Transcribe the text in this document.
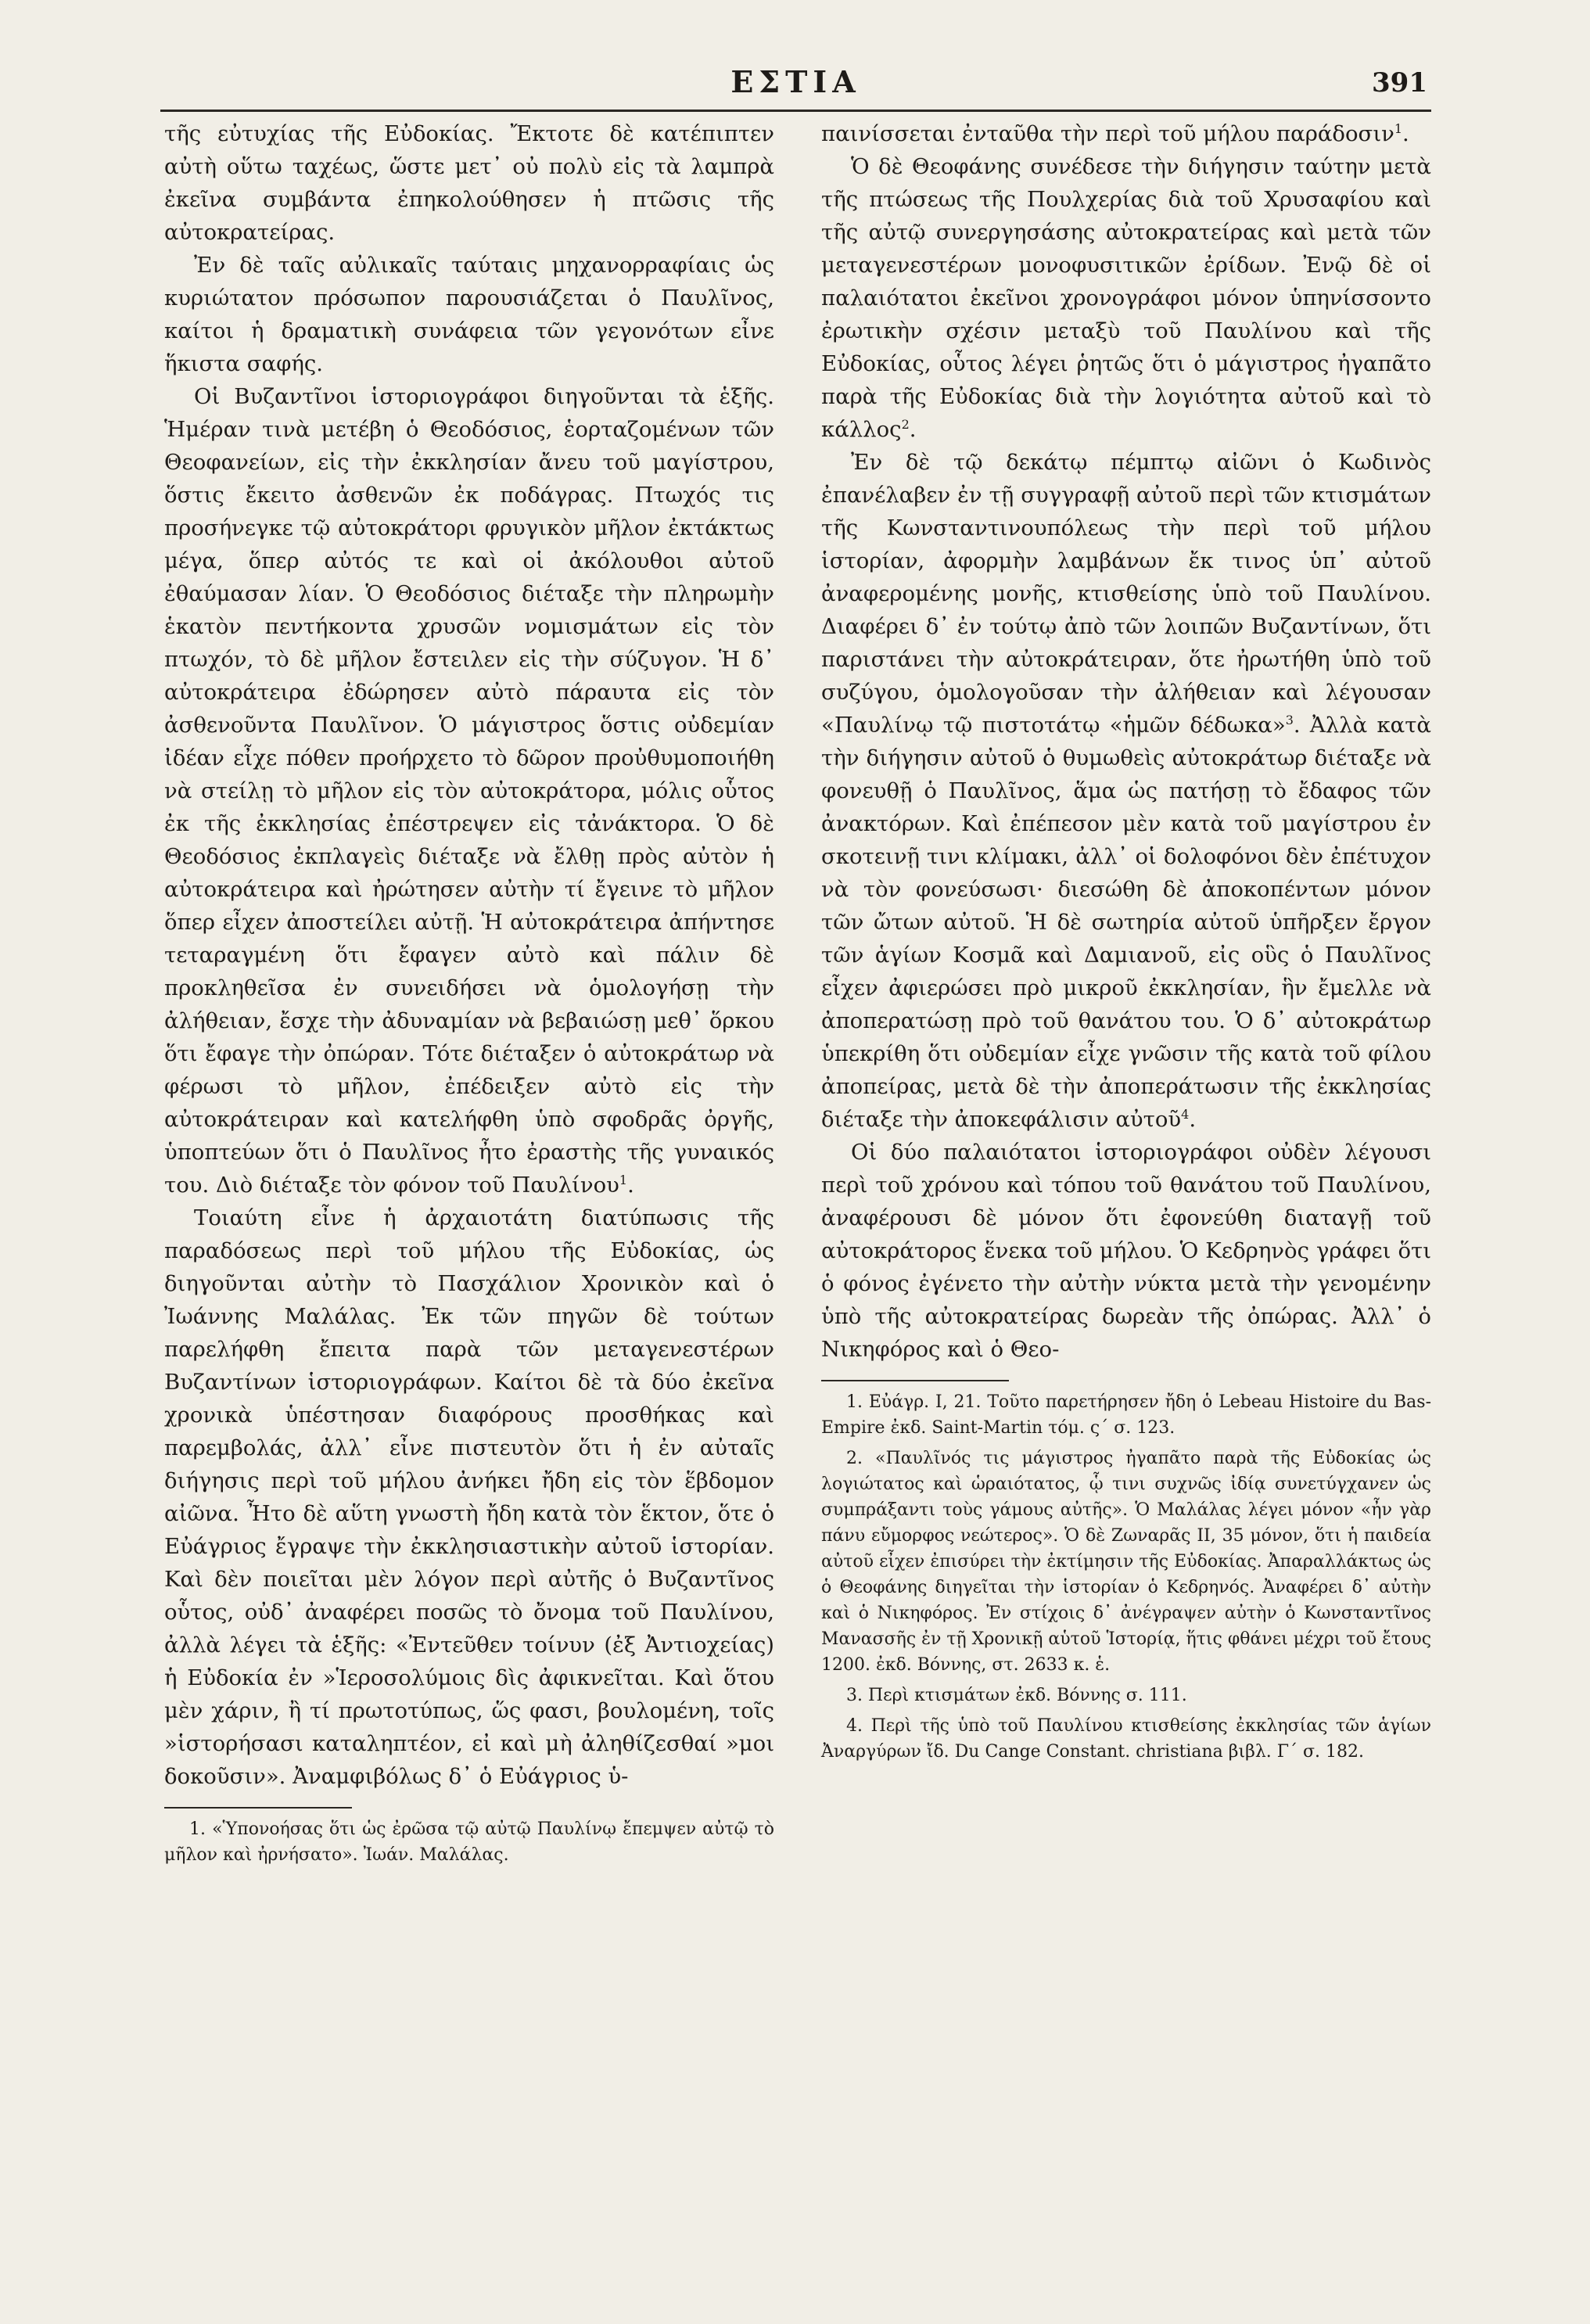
ΕΣΤΙΑ	391

τῆς εὐτυχίας τῆς Εὐδοκίας. Ἔκτοτε δὲ κατέπιπτεν αὐτὴ οὕτω ταχέως, ὥστε μετ᾽ οὐ πολὺ εἰς τὰ λαμπρὰ ἐκεῖνα συμβάντα ἐπηκολούθησεν ἡ πτῶσις τῆς αὐτοκρατείρας.

Ἐν δὲ ταῖς αὐλικαῖς ταύταις μηχανορραφίαις ὡς κυριώτατον πρόσωπον παρουσιάζεται ὁ Παυλῖνος, καίτοι ἡ δραματικὴ συνάφεια τῶν γεγονότων εἶνε ἥκιστα σαφής.

Οἱ Βυζαντῖνοι ἱστοριογράφοι διηγοῦνται τὰ ἑξῆς. Ἡμέραν τινὰ μετέβη ὁ Θεοδόσιος, ἑορταζομένων τῶν Θεοφανείων, εἰς τὴν ἐκκλησίαν ἄνευ τοῦ μαγίστρου, ὅστις ἔκειτο ἀσθενῶν ἐκ ποδάγρας. Πτωχός τις προσήνεγκε τῷ αὐτοκράτορι φρυγικὸν μῆλον ἐκτάκτως μέγα, ὅπερ αὐτός τε καὶ οἱ ἀκόλουθοι αὐτοῦ ἐθαύμασαν λίαν. Ὁ Θεοδόσιος διέταξε τὴν πληρωμὴν ἑκατὸν πεντήκοντα χρυσῶν νομισμάτων εἰς τὸν πτωχόν, τὸ δὲ μῆλον ἔστειλεν εἰς τὴν σύζυγον. Ἡ δ᾽ αὐτοκράτειρα ἐδώρησεν αὐτὸ πάραυτα εἰς τὸν ἀσθενοῦντα Παυλῖνον. Ὁ μάγιστρος ὅστις οὐδεμίαν ἰδέαν εἶχε πόθεν προήρχετο τὸ δῶρον προὐθυμοποιήθη νὰ στείλῃ τὸ μῆλον εἰς τὸν αὐτοκράτορα, μόλις οὗτος ἐκ τῆς ἐκκλησίας ἐπέστρεψεν εἰς τἀνάκτορα. Ὁ δὲ Θεοδόσιος ἐκπλαγεὶς διέταξε νὰ ἔλθῃ πρὸς αὐτὸν ἡ αὐτοκράτειρα καὶ ἠρώτησεν αὐτὴν τί ἔγεινε τὸ μῆλον ὅπερ εἶχεν ἀποστείλει αὐτῇ. Ἡ αὐτοκράτειρα ἀπήντησε τεταραγμένη ὅτι ἔφαγεν αὐτὸ καὶ πάλιν δὲ προκληθεῖσα ἐν συνειδήσει νὰ ὁμολογήσῃ τὴν ἀλήθειαν, ἔσχε τὴν ἀδυναμίαν νὰ βεβαιώσῃ μεθ᾽ ὅρκου ὅτι ἔφαγε τὴν ὀπώραν. Τότε διέταξεν ὁ αὐτοκράτωρ νὰ φέρωσι τὸ μῆλον, ἐπέδειξεν αὐτὸ εἰς τὴν αὐτοκράτειραν καὶ κατελήφθη ὑπὸ σφοδρᾶς ὀργῆς, ὑποπτεύων ὅτι ὁ Παυλῖνος ἦτο ἐραστὴς τῆς γυναικός του. Διὸ διέταξε τὸν φόνον τοῦ Παυλίνου$^1$.

Τοιαύτη εἶνε ἡ ἀρχαιοτάτη διατύπωσις τῆς παραδόσεως περὶ τοῦ μήλου τῆς Εὐδοκίας, ὡς διηγοῦνται αὐτὴν τὸ Πασχάλιον Χρονικὸν καὶ ὁ Ἰωάννης Μαλάλας. Ἐκ τῶν πηγῶν δὲ τούτων παρελήφθη ἔπειτα παρὰ τῶν μεταγενεστέρων Βυζαντίνων ἱστοριογράφων. Καίτοι δὲ τὰ δύο ἐκεῖνα χρονικὰ ὑπέστησαν διαφόρους προσθήκας καὶ παρεμβολάς, ἀλλ᾽ εἶνε πιστευτὸν ὅτι ἡ ἐν αὐταῖς διήγησις περὶ τοῦ μήλου ἀνήκει ἤδη εἰς τὸν ἕβδομον αἰῶνα. Ἦτο δὲ αὕτη γνωστὴ ἤδη κατὰ τὸν ἕκτον, ὅτε ὁ Εὐάγριος ἔγραψε τὴν ἐκκλησιαστικὴν αὐτοῦ ἱστορίαν. Καὶ δὲν ποιεῖται μὲν λόγον περὶ αὐτῆς ὁ Βυζαντῖνος οὗτος, οὐδ᾽ ἀναφέρει ποσῶς τὸ ὄνομα τοῦ Παυλίνου, ἀλλὰ λέγει τὰ ἑξῆς: «Ἐντεῦθεν τοίνυν (ἐξ Ἀντιοχείας) ἡ Εὐδοκία ἐν »Ἱεροσολύμοις δὶς ἀφικνεῖται. Καὶ ὅτου μὲν χάριν, ἢ τί πρωτοτύπως, ὥς φασι, βουλομένη, τοῖς »ἱστορήσασι καταληπτέον, εἰ καὶ μὴ ἀληθίζεσθαί »μοι δοκοῦσιν». Ἀναμφιβόλως δ᾽ ὁ Εὐάγριος ὑ-

1. «Ὑπονοήσας ὅτι ὡς ἐρῶσα τῷ αὐτῷ Παυλίνῳ ἔπεμψεν αὐτῷ τὸ μῆλον καὶ ἠρνήσατο». Ἰωάν. Μαλάλας.

παινίσσεται ἐνταῦθα τὴν περὶ τοῦ μήλου παράδοσιν$^1$.

Ὁ δὲ Θεοφάνης συνέδεσε τὴν διήγησιν ταύτην μετὰ τῆς πτώσεως τῆς Πουλχερίας διὰ τοῦ Χρυσαφίου καὶ τῆς αὐτῷ συνεργησάσης αὐτοκρατείρας καὶ μετὰ τῶν μεταγενεστέρων μονοφυσιτικῶν ἐρίδων. Ἐνῷ δὲ οἱ παλαιότατοι ἐκεῖνοι χρονογράφοι μόνον ὑπηνίσσοντο ἐρωτικὴν σχέσιν μεταξὺ τοῦ Παυλίνου καὶ τῆς Εὐδοκίας, οὗτος λέγει ῥητῶς ὅτι ὁ μάγιστρος ἠγαπᾶτο παρὰ τῆς Εὐδοκίας διὰ τὴν λογιότητα αὐτοῦ καὶ τὸ κάλλος$^2$.

Ἐν δὲ τῷ δεκάτῳ πέμπτῳ αἰῶνι ὁ Κωδινὸς ἐπανέλαβεν ἐν τῇ συγγραφῇ αὐτοῦ περὶ τῶν κτισμάτων τῆς Κωνσταντινουπόλεως τὴν περὶ τοῦ μήλου ἱστορίαν, ἀφορμὴν λαμβάνων ἔκ τινος ὑπ᾽ αὐτοῦ ἀναφερομένης μονῆς, κτισθείσης ὑπὸ τοῦ Παυλίνου. Διαφέρει δ᾽ ἐν τούτῳ ἀπὸ τῶν λοιπῶν Βυζαντίνων, ὅτι παριστάνει τὴν αὐτοκράτειραν, ὅτε ἠρωτήθη ὑπὸ τοῦ συζύγου, ὁμολογοῦσαν τὴν ἀλήθειαν καὶ λέγουσαν «Παυλίνῳ τῷ πιστοτάτῳ «ἡμῶν δέδωκα»$^3$. Ἀλλὰ κατὰ τὴν διήγησιν αὐτοῦ ὁ θυμωθεὶς αὐτοκράτωρ διέταξε νὰ φονευθῇ ὁ Παυλῖνος, ἅμα ὡς πατήσῃ τὸ ἔδαφος τῶν ἀνακτόρων. Καὶ ἐπέπεσον μὲν κατὰ τοῦ μαγίστρου ἐν σκοτεινῇ τινι κλίμακι, ἀλλ᾽ οἱ δολοφόνοι δὲν ἐπέτυχον νὰ τὸν φονεύσωσι· διεσώθη δὲ ἀποκοπέντων μόνον τῶν ὤτων αὐτοῦ. Ἡ δὲ σωτηρία αὐτοῦ ὑπῆρξεν ἔργον τῶν ἁγίων Κοσμᾶ καὶ Δαμιανοῦ, εἰς οὓς ὁ Παυλῖνος εἶχεν ἀφιερώσει πρὸ μικροῦ ἐκκλησίαν, ἣν ἔμελλε νὰ ἀποπερατώσῃ πρὸ τοῦ θανάτου του. Ὁ δ᾽ αὐτοκράτωρ ὑπεκρίθη ὅτι οὐδεμίαν εἶχε γνῶσιν τῆς κατὰ τοῦ φίλου ἀποπείρας, μετὰ δὲ τὴν ἀποπεράτωσιν τῆς ἐκκλησίας διέταξε τὴν ἀποκεφάλισιν αὐτοῦ$^4$.

Οἱ δύο παλαιότατοι ἱστοριογράφοι οὐδὲν λέγουσι περὶ τοῦ χρόνου καὶ τόπου τοῦ θανάτου τοῦ Παυλίνου, ἀναφέρουσι δὲ μόνον ὅτι ἐφονεύθη διαταγῇ τοῦ αὐτοκράτορος ἕνεκα τοῦ μήλου. Ὁ Κεδρηνὸς γράφει ὅτι ὁ φόνος ἐγένετο τὴν αὐτὴν νύκτα μετὰ τὴν γενομένην ὑπὸ τῆς αὐτοκρατείρας δωρεὰν τῆς ὀπώρας. Ἀλλ᾽ ὁ Νικηφόρος καὶ ὁ Θεο-

1. Εὐάγρ. Ι, 21. Τοῦτο παρετήρησεν ἤδη ὁ Lebeau Histoire du Bas-Empire ἐκδ. Saint-Martin τόμ. ς΄ σ. 123.

2. «Παυλῖνός τις μάγιστρος ἠγαπᾶτο παρὰ τῆς Εὐδοκίας ὡς λογιώτατος καὶ ὡραιότατος, ᾧ τινι συχνῶς ἰδίᾳ συνετύγχανεν ὡς συμπράξαντι τοὺς γάμους αὐτῆς». Ὁ Μαλάλας λέγει μόνον «ἦν γὰρ πάνυ εὔμορφος νεώτερος». Ὁ δὲ Ζωναρᾶς ΙΙ, 35 μόνον, ὅτι ἡ παιδεία αὐτοῦ εἶχεν ἐπισύρει τὴν ἐκτίμησιν τῆς Εὐδοκίας. Ἀπαραλλάκτως ὡς ὁ Θεοφάνης διηγεῖται τὴν ἱστορίαν ὁ Κεδρηνός. Ἀναφέρει δ᾽ αὐτὴν καὶ ὁ Νικηφόρος. Ἐν στίχοις δ᾽ ἀνέγραψεν αὐτὴν ὁ Κωνσταντῖνος Μανασσῆς ἐν τῇ Χρονικῇ αὑτοῦ Ἱστορίᾳ, ἥτις φθάνει μέχρι τοῦ ἔτους 1200. ἐκδ. Βόννης, στ. 2633 κ. ἑ.

3. Περὶ κτισμάτων ἐκδ. Βόννης σ. 111.

4. Περὶ τῆς ὑπὸ τοῦ Παυλίνου κτισθείσης ἐκκλησίας τῶν ἁγίων Ἀναργύρων ἴδ. Du Cange Constant. christiana βιβλ. Γ΄ σ. 182.
